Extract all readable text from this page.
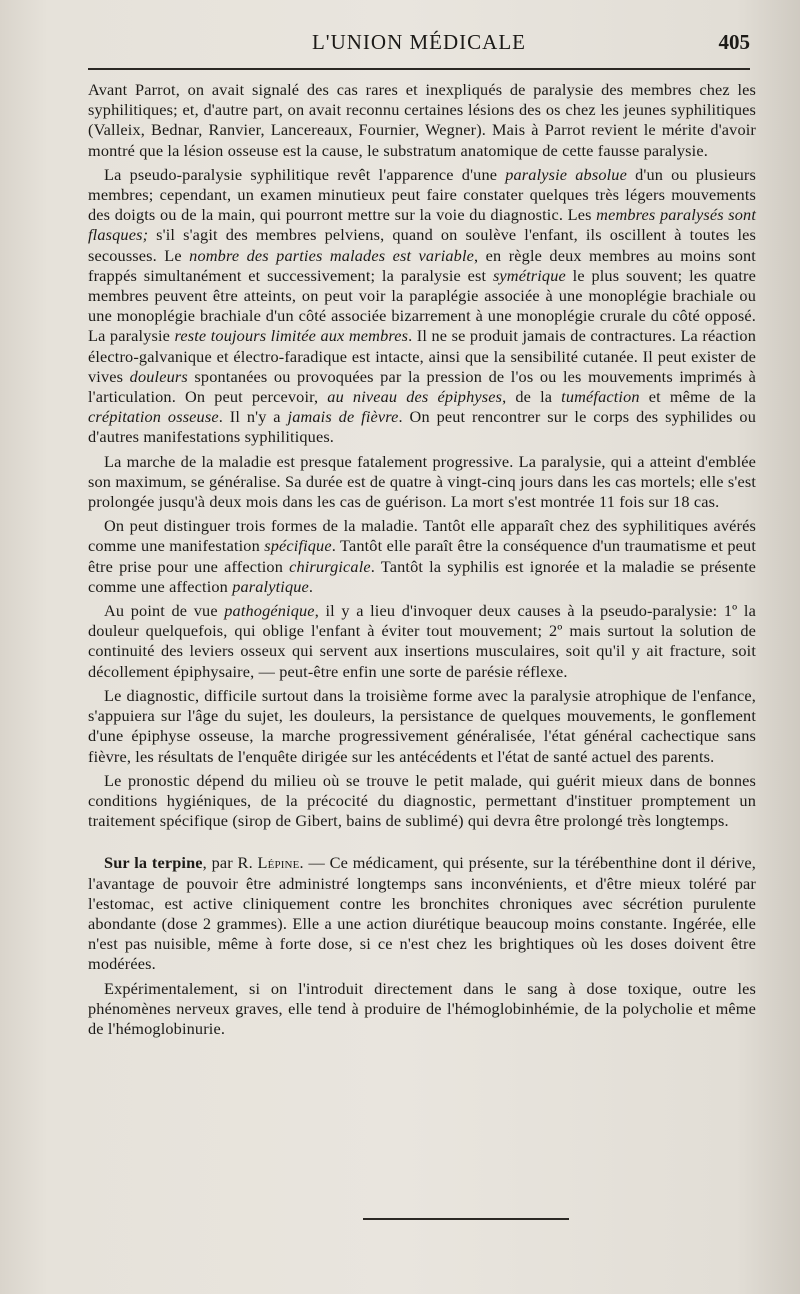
L'UNION MÉDICALE	405

Avant Parrot, on avait signalé des cas rares et inexpliqués de paralysie des membres chez les syphilitiques; et, d'autre part, on avait reconnu certaines lésions des os chez les jeunes syphilitiques (Valleix, Bednar, Ranvier, Lancereaux, Fournier, Wegner). Mais à Parrot revient le mérite d'avoir montré que la lésion osseuse est la cause, le substratum anatomique de cette fausse paralysie.

La pseudo-paralysie syphilitique revêt l'apparence d'une paralysie absolue d'un ou plusieurs membres; cependant, un examen minutieux peut faire constater quelques très légers mouvements des doigts ou de la main, qui pourront mettre sur la voie du diagnostic. Les membres paralysés sont flasques; s'il s'agit des membres pelviens, quand on soulève l'enfant, ils oscillent à toutes les secousses. Le nombre des parties malades est variable, en règle deux membres au moins sont frappés simultanément et successivement; la paralysie est symétrique le plus souvent; les quatre membres peuvent être atteints, on peut voir la paraplégie associée à une monoplégie brachiale ou une monoplégie brachiale d'un côté associée bizarrement à une monoplégie crurale du côté opposé. La paralysie reste toujours limitée aux membres. Il ne se produit jamais de contractures. La réaction électro-galvanique et électro-faradique est intacte, ainsi que la sensibilité cutanée. Il peut exister de vives douleurs spontanées ou provoquées par la pression de l'os ou les mouvements imprimés à l'articulation. On peut percevoir, au niveau des épiphyses, de la tuméfaction et même de la crépitation osseuse. Il n'y a jamais de fièvre. On peut rencontrer sur le corps des syphilides ou d'autres manifestations syphilitiques.

La marche de la maladie est presque fatalement progressive. La paralysie, qui a atteint d'emblée son maximum, se généralise. Sa durée est de quatre à vingt-cinq jours dans les cas mortels; elle s'est prolongée jusqu'à deux mois dans les cas de guérison. La mort s'est montrée 11 fois sur 18 cas.

On peut distinguer trois formes de la maladie. Tantôt elle apparaît chez des syphilitiques avérés comme une manifestation spécifique. Tantôt elle paraît être la conséquence d'un traumatisme et peut être prise pour une affection chirurgicale. Tantôt la syphilis est ignorée et la maladie se présente comme une affection paralytique.

Au point de vue pathogénique, il y a lieu d'invoquer deux causes à la pseudo-paralysie: 1º la douleur quelquefois, qui oblige l'enfant à éviter tout mouvement; 2º mais surtout la solution de continuité des leviers osseux qui servent aux insertions musculaires, soit qu'il y ait fracture, soit décollement épiphysaire, — peut-être enfin une sorte de parésie réflexe.

Le diagnostic, difficile surtout dans la troisième forme avec la paralysie atrophique de l'enfance, s'appuiera sur l'âge du sujet, les douleurs, la persistance de quelques mouvements, le gonflement d'une épiphyse osseuse, la marche progressivement généralisée, l'état général cachectique sans fièvre, les résultats de l'enquête dirigée sur les antécédents et l'état de santé actuel des parents.

Le pronostic dépend du milieu où se trouve le petit malade, qui guérit mieux dans de bonnes conditions hygiéniques, de la précocité du diagnostic, permettant d'instituer promptement un traitement spécifique (sirop de Gibert, bains de sublimé) qui devra être prolongé très longtemps.

Sur la terpine, par R. Lépine. — Ce médicament, qui présente, sur la térébenthine dont il dérive, l'avantage de pouvoir être administré longtemps sans inconvénients, et d'être mieux toléré par l'estomac, est active cliniquement contre les bronchites chroniques avec sécrétion purulente abondante (dose 2 grammes). Elle a une action diurétique beaucoup moins constante. Ingérée, elle n'est pas nuisible, même à forte dose, si ce n'est chez les brightiques où les doses doivent être modérées.

Expérimentalement, si on l'introduit directement dans le sang à dose toxique, outre les phénomènes nerveux graves, elle tend à produire de l'hémoglobinhémie, de la polycholie et même de l'hémoglobinurie.
